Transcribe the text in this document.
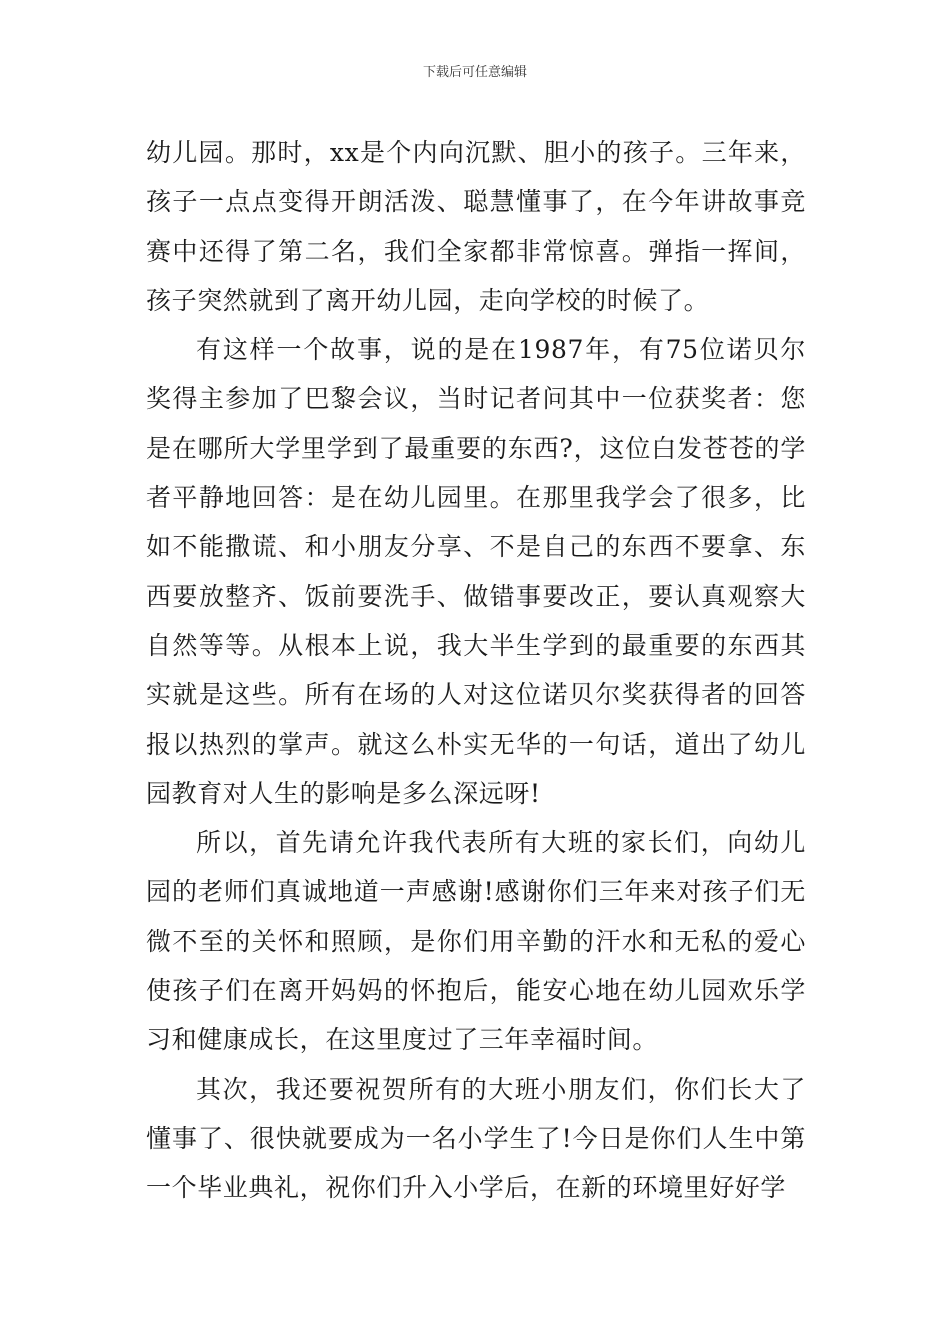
下载后可任意编辑

幼儿园。那时，xx是个内向沉默、胆小的孩子。三年来，孩子一点点变得开朗活泼、聪慧懂事了，在今年讲故事竞赛中还得了第二名，我们全家都非常惊喜。弹指一挥间，孩子突然就到了离开幼儿园，走向学校的时候了。

有这样一个故事，说的是在1987年，有75位诺贝尔奖得主参加了巴黎会议，当时记者问其中一位获奖者：您是在哪所大学里学到了最重要的东西?，这位白发苍苍的学者平静地回答：是在幼儿园里。在那里我学会了很多，比如不能撒谎、和小朋友分享、不是自己的东西不要拿、东西要放整齐、饭前要洗手、做错事要改正，要认真观察大自然等等。从根本上说，我大半生学到的最重要的东西其实就是这些。所有在场的人对这位诺贝尔奖获得者的回答报以热烈的掌声。就这么朴实无华的一句话，道出了幼儿园教育对人生的影响是多么深远呀!

所以，首先请允许我代表所有大班的家长们，向幼儿园的老师们真诚地道一声感谢!感谢你们三年来对孩子们无微不至的关怀和照顾，是你们用辛勤的汗水和无私的爱心使孩子们在离开妈妈的怀抱后，能安心地在幼儿园欢乐学习和健康成长，在这里度过了三年幸福时间。

其次，我还要祝贺所有的大班小朋友们，你们长大了懂事了、很快就要成为一名小学生了!今日是你们人生中第一个毕业典礼，祝你们升入小学后，在新的环境里好好学
